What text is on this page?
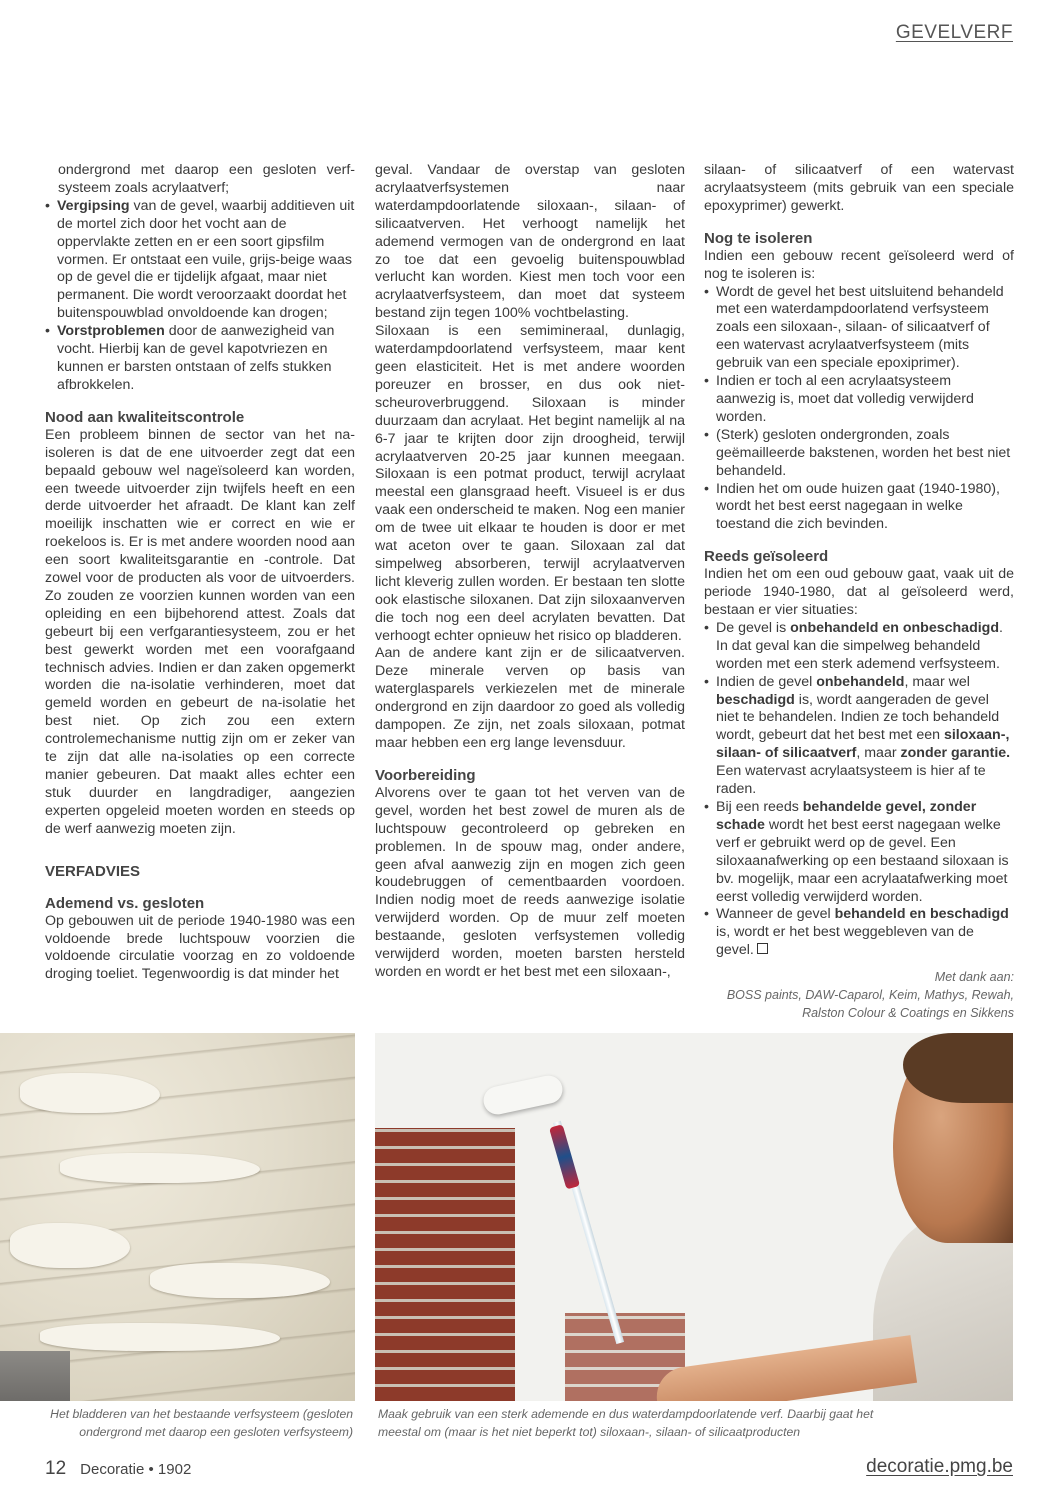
GEVELVERF

ondergrond met daarop een gesloten verfsysteem zoals acrylaatverf;

• Vergipsing van de gevel, waarbij additieven uit de mortel zich door het vocht aan de oppervlakte zetten en er een soort gipsfilm vormen. Er ontstaat een vuile, grijs-beige waas op de gevel die er tijdelijk afgaat, maar niet permanent. Die wordt veroorzaakt doordat het buitenspouwblad onvoldoende kan drogen;
• Vorstproblemen door de aanwezigheid van vocht. Hierbij kan de gevel kapotvriezen en kunnen er barsten ontstaan of zelfs stukken afbrokkelen.
Nood aan kwaliteitscontrole

Een probleem binnen de sector van het na-isoleren is dat de ene uitvoerder zegt dat een bepaald gebouw wel nageïsoleerd kan worden, een tweede uitvoerder zijn twijfels heeft en een derde uitvoerder het afraadt. De klant kan zelf moeilijk inschatten wie er correct en wie er roekeloos is. Er is met andere woorden nood aan een soort kwaliteitsgarantie en -controle. Dat zowel voor de producten als voor de uitvoerders. Zo zouden ze voorzien kunnen worden van een opleiding en een bijbehorend attest. Zoals dat gebeurt bij een verfgarantiesysteem, zou er het best gewerkt worden met een voorafgaand technisch advies. Indien er dan zaken opgemerkt worden die na-isolatie verhinderen, moet dat gemeld worden en gebeurt de na-isolatie het best niet. Op zich zou een extern controlemechanisme nuttig zijn om er zeker van te zijn dat alle na-isolaties op een correcte manier gebeuren. Dat maakt alles echter een stuk duurder en langdradiger, aangezien experten opgeleid moeten worden en steeds op de werf aanwezig moeten zijn.

VERFADVIES
Ademend vs. gesloten

Op gebouwen uit de periode 1940-1980 was een voldoende brede luchtspouw voorzien die voldoende circulatie voorzag en zo voldoende droging toeliet. Tegenwoordig is dat minder het

geval. Vandaar de overstap van gesloten acrylaatverfsystemen naar waterdampdoorlatende siloxaan-, silaan- of silicaatverven. Het verhoogt namelijk het ademend vermogen van de ondergrond en laat zo toe dat een gevoelig buitenspouwblad verlucht kan worden. Kiest men toch voor een acrylaatverfsysteem, dan moet dat systeem bestand zijn tegen 100% vochtbelasting.

Siloxaan is een semimineraal, dunlagig, waterdampdoorlatend verfsysteem, maar kent geen elasticiteit. Het is met andere woorden poreuzer en brosser, en dus ook niet-scheuroverbruggend. Siloxaan is minder duurzaam dan acrylaat. Het begint namelijk al na 6-7 jaar te krijten door zijn droogheid, terwijl acrylaatverven 20-25 jaar kunnen meegaan. Siloxaan is een potmat product, terwijl acrylaat meestal een glansgraad heeft. Visueel is er dus vaak een onderscheid te maken. Nog een manier om de twee uit elkaar te houden is door er met wat aceton over te gaan. Siloxaan zal dat simpelweg absorberen, terwijl acrylaatverven licht kleverig zullen worden. Er bestaan ten slotte ook elastische siloxanen. Dat zijn siloxaanverven die toch nog een deel acrylaten bevatten. Dat verhoogt echter opnieuw het risico op bladderen.

Aan de andere kant zijn er de silicaatverven. Deze minerale verven op basis van waterglasparels verkiezelen met de minerale ondergrond en zijn daardoor zo goed als volledig dampopen. Ze zijn, net zoals siloxaan, potmat maar hebben een erg lange levensduur.

Voorbereiding

Alvorens over te gaan tot het verven van de gevel, worden het best zowel de muren als de luchtspouw gecontroleerd op gebreken en problemen. In de spouw mag, onder andere, geen afval aanwezig zijn en mogen zich geen koudebruggen of cementbaarden voordoen. Indien nodig moet de reeds aanwezige isolatie verwijderd worden. Op de muur zelf moeten bestaande, gesloten verfsystemen volledig verwijderd worden, moeten barsten hersteld worden en wordt er het best met een siloxaan-,

silaan- of silicaatverf of een watervast acrylaatsysteem (mits gebruik van een speciale epoxyprimer) gewerkt.

Nog te isoleren

Indien een gebouw recent geïsoleerd werd of nog te isoleren is:

• Wordt de gevel het best uitsluitend behandeld met een waterdampdoorlatend verfsysteem zoals een siloxaan-, silaan- of silicaatverf of een watervast acrylaatverfsysteem (mits gebruik van een speciale epoxiprimer).
• Indien er toch al een acrylaatsysteem aanwezig is, moet dat volledig verwijderd worden.
• (Sterk) gesloten ondergronden, zoals geëmailleerde bakstenen, worden het best niet behandeld.
• Indien het om oude huizen gaat (1940-1980), wordt het best eerst nagegaan in welke toestand die zich bevinden.
Reeds geïsoleerd

Indien het om een oud gebouw gaat, vaak uit de periode 1940-1980, dat al geïsoleerd werd, bestaan er vier situaties:

• De gevel is onbehandeld en onbeschadigd. In dat geval kan die simpelweg behandeld worden met een sterk ademend verfsysteem.
• Indien de gevel onbehandeld, maar wel beschadigd is, wordt aangeraden de gevel niet te behandelen. Indien ze toch behandeld wordt, gebeurt dat het best met een siloxaan-, silaan- of silicaatverf, maar zonder garantie. Een watervast acrylaatsysteem is hier af te raden.
• Bij een reeds behandelde gevel, zonder schade wordt het best eerst nagegaan welke verf er gebruikt werd op de gevel. Een siloxaanafwerking op een bestaand siloxaan is bv. mogelijk, maar een acrylaatafwerking moet eerst volledig verwijderd worden.
• Wanneer de gevel behandeld en beschadigd is, wordt er het best weggebleven van de gevel.

Met dank aan:
BOSS paints, DAW-Caparol, Keim, Mathys, Rewah, Ralston Colour & Coatings en Sikkens

Het bladderen van het bestaande verfsysteem (gesloten ondergrond met daarop een gesloten verfsysteem)
Maak gebruik van een sterk ademende en dus waterdampdoorlatende verf. Daarbij gaat het meestal om (maar is het niet beperkt tot) siloxaan-, silaan- of silicaatproducten
12 Decoratie • 1902	decoratie.pmg.be
